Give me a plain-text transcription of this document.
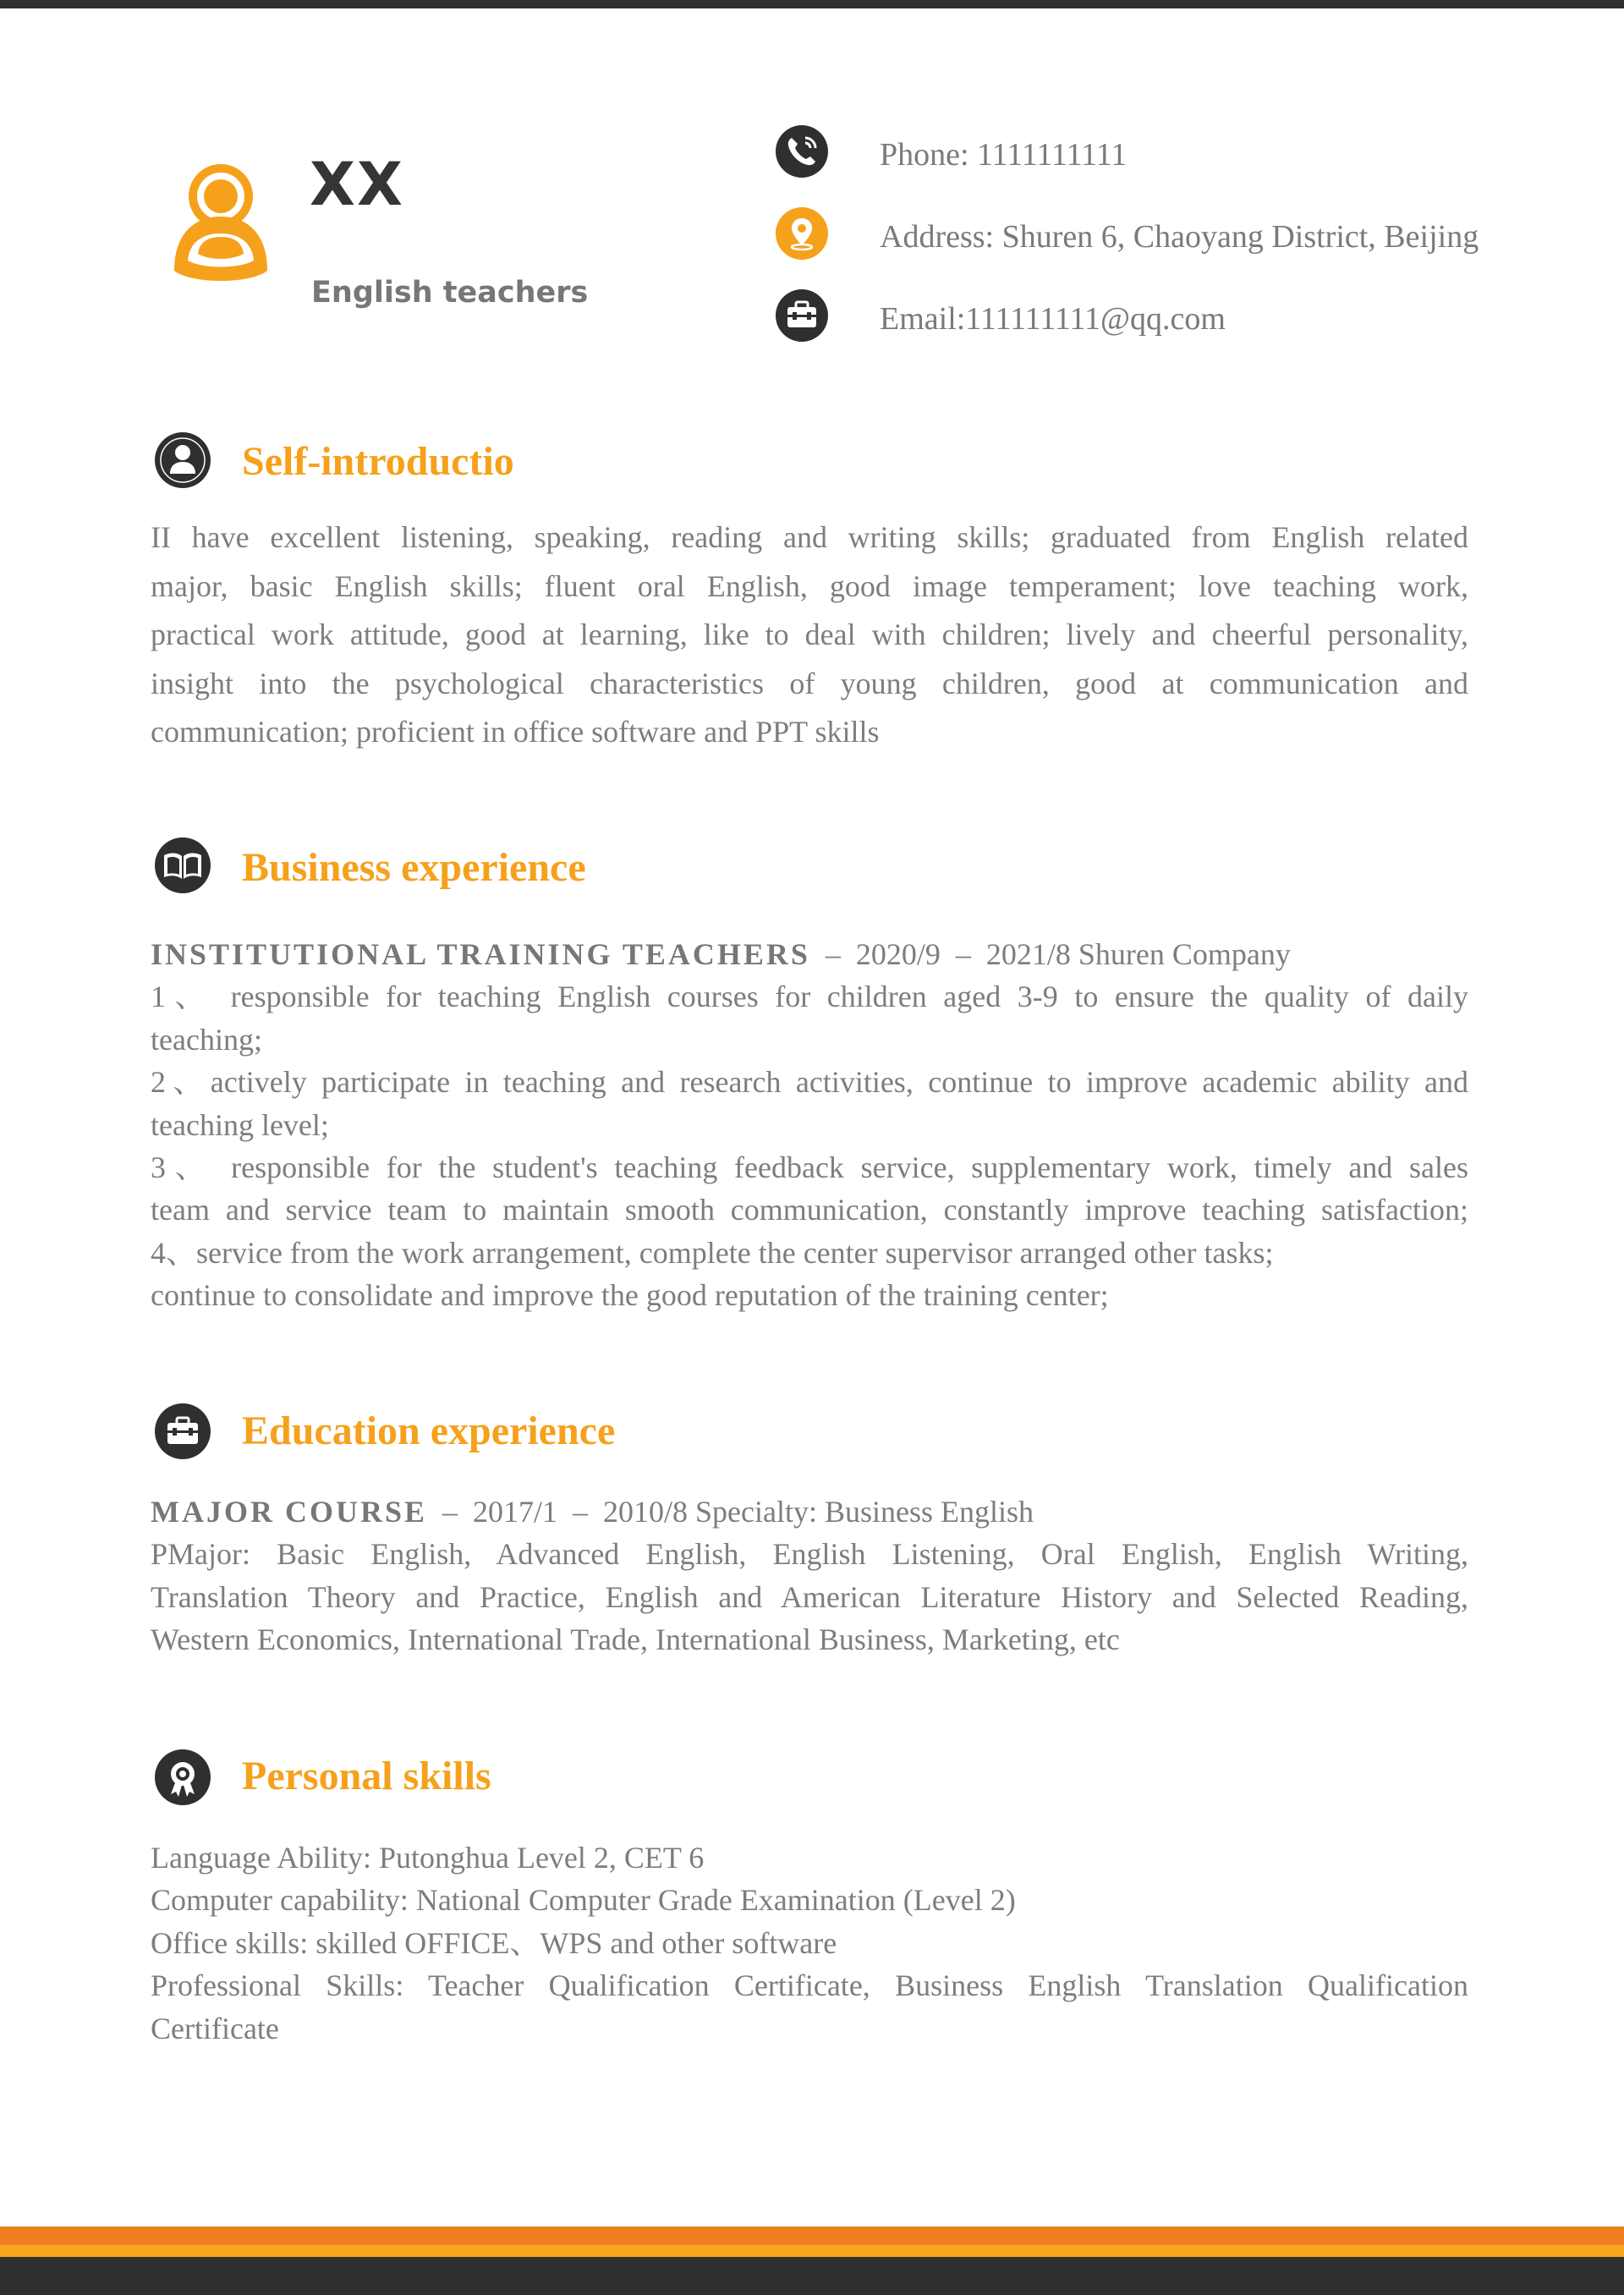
XX
English teachers
Phone: 1111111111
Address: Shuren 6, Chaoyang District, Beijing
Email:111111111@qq.com
Self-introductio
II have excellent listening, speaking, reading and writing skills; graduated from English related
major, basic English skills; fluent oral English, good image temperament; love teaching work,
practical work attitude, good at learning, like to deal with children; lively and cheerful personality,
insight into the psychological characteristics of young children, good at communication and
communication; proficient in office software and PPT skills
Business experience
INSTITUTIONAL TRAINING TEACHERS – 2020/9 – 2021/8 Shuren Company
1、 responsible for teaching English courses for children aged 3-9 to ensure the quality of daily
teaching;
2、actively participate in teaching and research activities, continue to improve academic ability and
teaching level;
3、 responsible for the student's teaching feedback service, supplementary work, timely and sales
team and service team to maintain smooth communication, constantly improve teaching satisfaction;
4、service from the work arrangement, complete the center supervisor arranged other tasks;
continue to consolidate and improve the good reputation of the training center;
Education experience
MAJOR COURSE – 2017/1 – 2010/8 Specialty: Business English
PMajor: Basic English, Advanced English, English Listening, Oral English, English Writing,
Translation Theory and Practice, English and American Literature History and Selected Reading,
Western Economics, International Trade, International Business, Marketing, etc
Personal skills
Language Ability: Putonghua Level 2, CET 6
Computer capability: National Computer Grade Examination (Level 2)
Office skills: skilled OFFICE、WPS and other software
Professional Skills: Teacher Qualification Certificate, Business English Translation Qualification
Certificate
